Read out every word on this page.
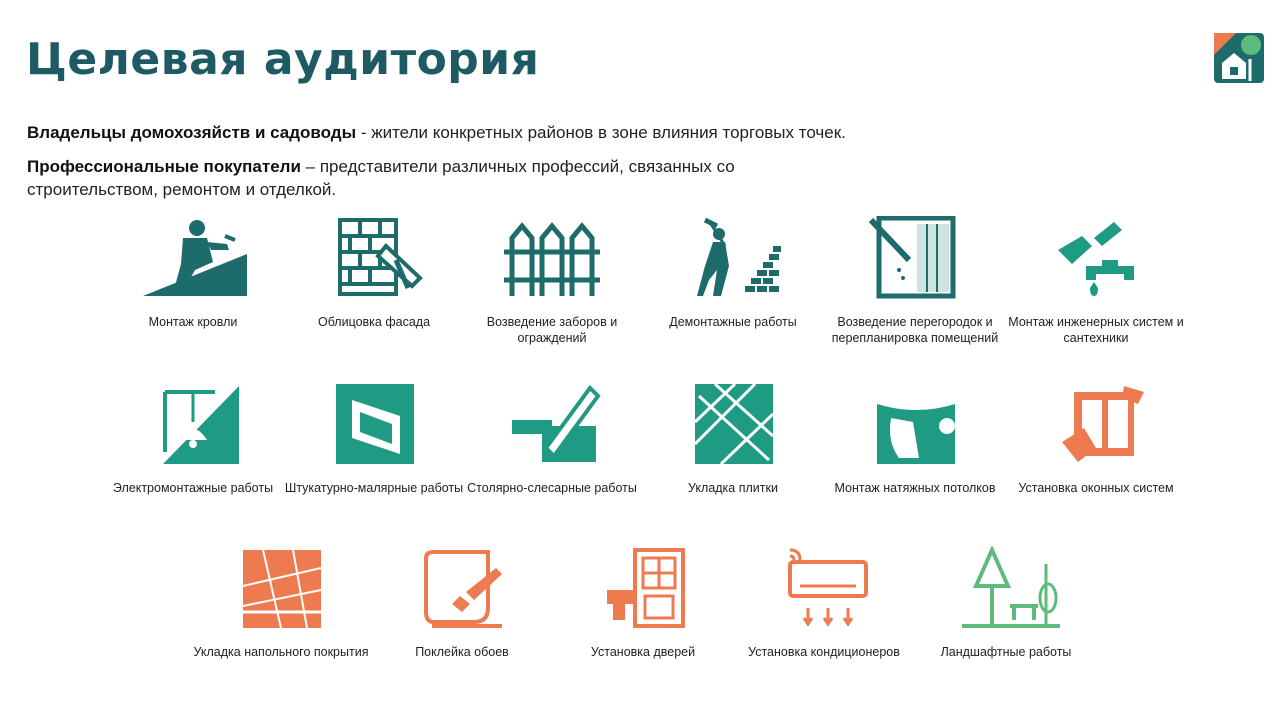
Целевая аудитория
Владельцы домохозяйств и садоводы - жители конкретных районов в зоне влияния торговых точек.
Профессиональные покупатели – представители различных профессий, связанных со строительством, ремонтом и отделкой.
Монтаж кровли	Облицовка фасада	Возведение заборов и ограждений
Демонтажные работы	Возведение перегородок и перепланировка помещений
Монтаж инженерных систем и сантехники
Электромонтажные работы Штукатурно-малярные работы Столярно-слесарные работы	Укладка плитки	Монтаж натяжных потолков	Установка оконных систем
Укладка напольного покрытия	Поклейка обоев	Установка дверей	Установка кондиционеров	Ландшафтные работы
